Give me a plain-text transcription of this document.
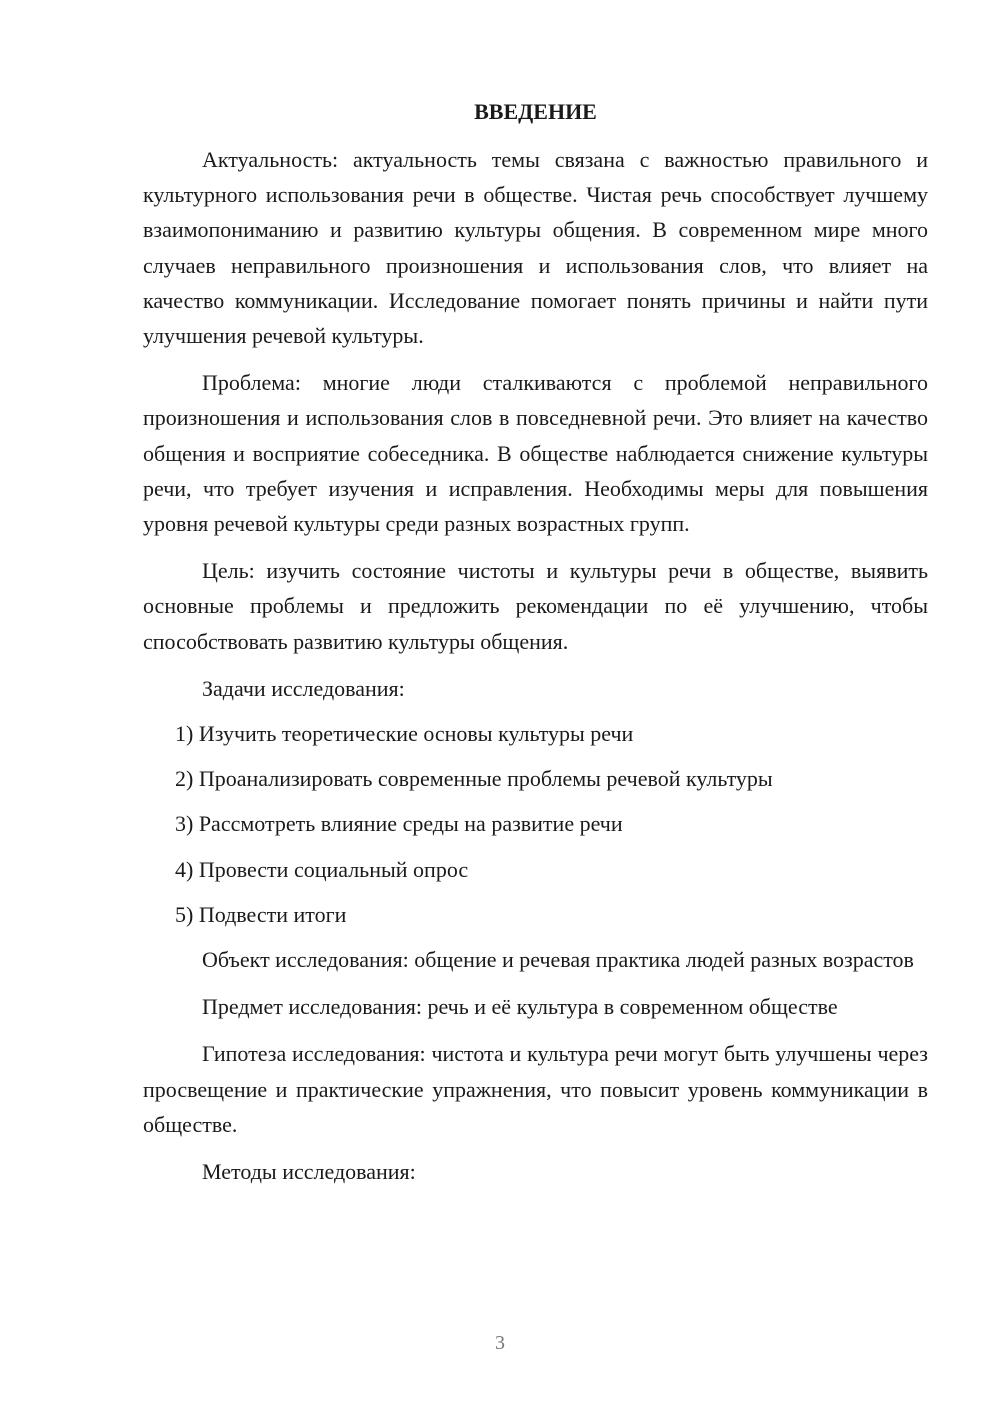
ВВЕДЕНИЕ

Актуальность: актуальность темы связана с важностью правильного и культурного использования речи в обществе. Чистая речь способствует лучшему взаимопониманию и развитию культуры общения. В современном мире много случаев неправильного произношения и использования слов, что влияет на качество коммуникации. Исследование помогает понять причины и найти пути улучшения речевой культуры.

Проблема: многие люди сталкиваются с проблемой неправильного произношения и использования слов в повседневной речи. Это влияет на качество общения и восприятие собеседника. В обществе наблюдается снижение культуры речи, что требует изучения и исправления. Необходимы меры для повышения уровня речевой культуры среди разных возрастных групп.

Цель: изучить состояние чистоты и культуры речи в обществе, выявить основные проблемы и предложить рекомендации по её улучшению, чтобы способствовать развитию культуры общения.

Задачи исследования:

1) Изучить теоретические основы культуры речи
2) Проанализировать современные проблемы речевой культуры
3) Рассмотреть влияние среды на развитие речи
4) Провести социальный опрос
5) Подвести итоги

Объект исследования: общение и речевая практика людей разных возрастов

Предмет исследования: речь и её культура в современном обществе

Гипотеза исследования: чистота и культура речи могут быть улучшены через просвещение и практические упражнения, что повысит уровень коммуникации в обществе.

Методы исследования:

3
